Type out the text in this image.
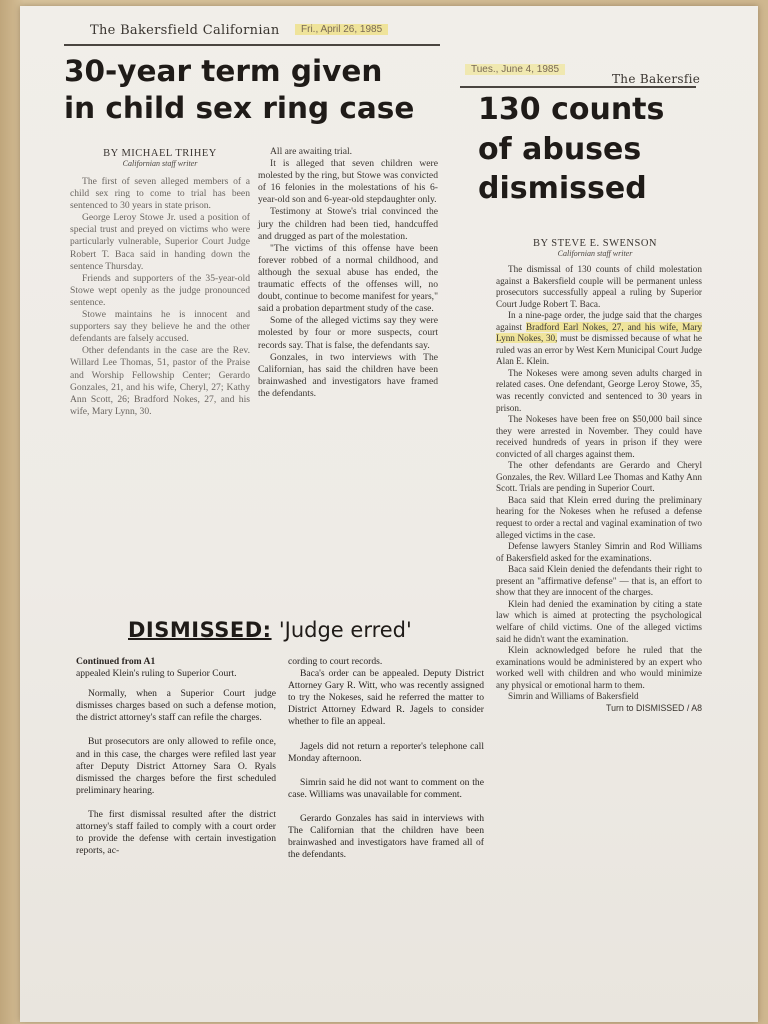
The Bakersfield Californian	Fri., April 26, 1985
30-year term given
in child sex ring case
BY MICHAEL TRIHEY
Californian staff writer

The first of seven alleged members of a child sex ring to come to trial has been sentenced to 30 years in state prison.

George Leroy Stowe Jr. used a position of special trust and preyed on victims who were particularly vulnerable, Superior Court Judge Robert T. Baca said in handing down the sentence Thursday.

Friends and supporters of the 35-year-old Stowe wept openly as the judge pronounced sentence.

Stowe maintains he is innocent and supporters say they believe he and the other defendants are falsely accused.

Other defendants in the case are the Rev. Willard Lee Thomas, 51, pastor of the Praise and Worship Fellowship Center; Gerardo Gonzales, 21, and his wife, Cheryl, 27; Kathy Ann Scott, 26; Bradford Nokes, 27, and his wife, Mary Lynn, 30.

All are awaiting trial.

It is alleged that seven children were molested by the ring, but Stowe was convicted of 16 felonies in the molestations of his 6-year-old son and 6-year-old stepdaughter only.

Testimony at Stowe's trial convinced the jury the children had been tied, handcuffed and drugged as part of the molestation.

"The victims of this offense have been forever robbed of a normal childhood, and although the sexual abuse has ended, the traumatic effects of the offenses will, no doubt, continue to become manifest for years," said a probation department study of the case.

Some of the alleged victims say they were molested by four or more suspects, court records say. That is false, the defendants say.

Gonzales, in two interviews with The Californian, has said the children have been brainwashed and investigators have framed the defendants.

Tues., June 4, 1985
The Bakersfie
130 counts
of abuses
dismissed
BY STEVE E. SWENSON
Californian staff writer

The dismissal of 130 counts of child molestation against a Bakersfield couple will be permanent unless prosecutors successfully appeal a ruling by Superior Court Judge Robert T. Baca.

In a nine-page order, the judge said that the charges against Bradford Earl Nokes, 27, and his wife, Mary Lynn Nokes, 30, must be dismissed because of what he ruled was an error by West Kern Municipal Court Judge Alan E. Klein.

The Nokeses were among seven adults charged in related cases. One defendant, George Leroy Stowe, 35, was recently convicted and sentenced to 30 years in prison.

The Nokeses have been free on $50,000 bail since they were arrested in November. They could have received hundreds of years in prison if they were convicted of all charges against them.

The other defendants are Gerardo and Cheryl Gonzales, the Rev. Willard Lee Thomas and Kathy Ann Scott. Trials are pending in Superior Court.

Baca said that Klein erred during the preliminary hearing for the Nokeses when he refused a defense request to order a rectal and vaginal examination of two alleged victims in the case.

Defense lawyers Stanley Simrin and Rod Williams of Bakersfield asked for the examinations.

Baca said Klein denied the defendants their right to present an "affirmative defense" — that is, an effort to show that they are innocent of the charges.

Klein had denied the examination by citing a state law which is aimed at protecting the psychological welfare of child victims. One of the alleged victims said he didn't want the examination.

Klein acknowledged before he ruled that the examinations would be administered by an expert who worked well with children and who would minimize any physical or emotional harm to them.

Simrin and Williams of Bakersfield

Turn to DISMISSED / A8

DISMISSED: 'Judge erred'

Continued from A1

appealed Klein's ruling to Superior Court.

Normally, when a Superior Court judge dismisses charges based on such a defense motion, the district attorney's staff can refile the charges.

But prosecutors are only allowed to refile once, and in this case, the charges were refiled last year after Deputy District Attorney Sara O. Ryals dismissed the charges before the first scheduled preliminary hearing.

The first dismissal resulted after the district attorney's staff failed to comply with a court order to provide the defense with certain investigation reports, ac-

cording to court records.

Baca's order can be appealed. Deputy District Attorney Gary R. Witt, who was recently assigned to try the Nokeses, said he referred the matter to District Attorney Edward R. Jagels to consider whether to file an appeal.

Jagels did not return a reporter's telephone call Monday afternoon.

Simrin said he did not want to comment on the case. Williams was unavailable for comment.

Gerardo Gonzales has said in interviews with The Californian that the children have been brainwashed and investigators have framed all of the defendants.
